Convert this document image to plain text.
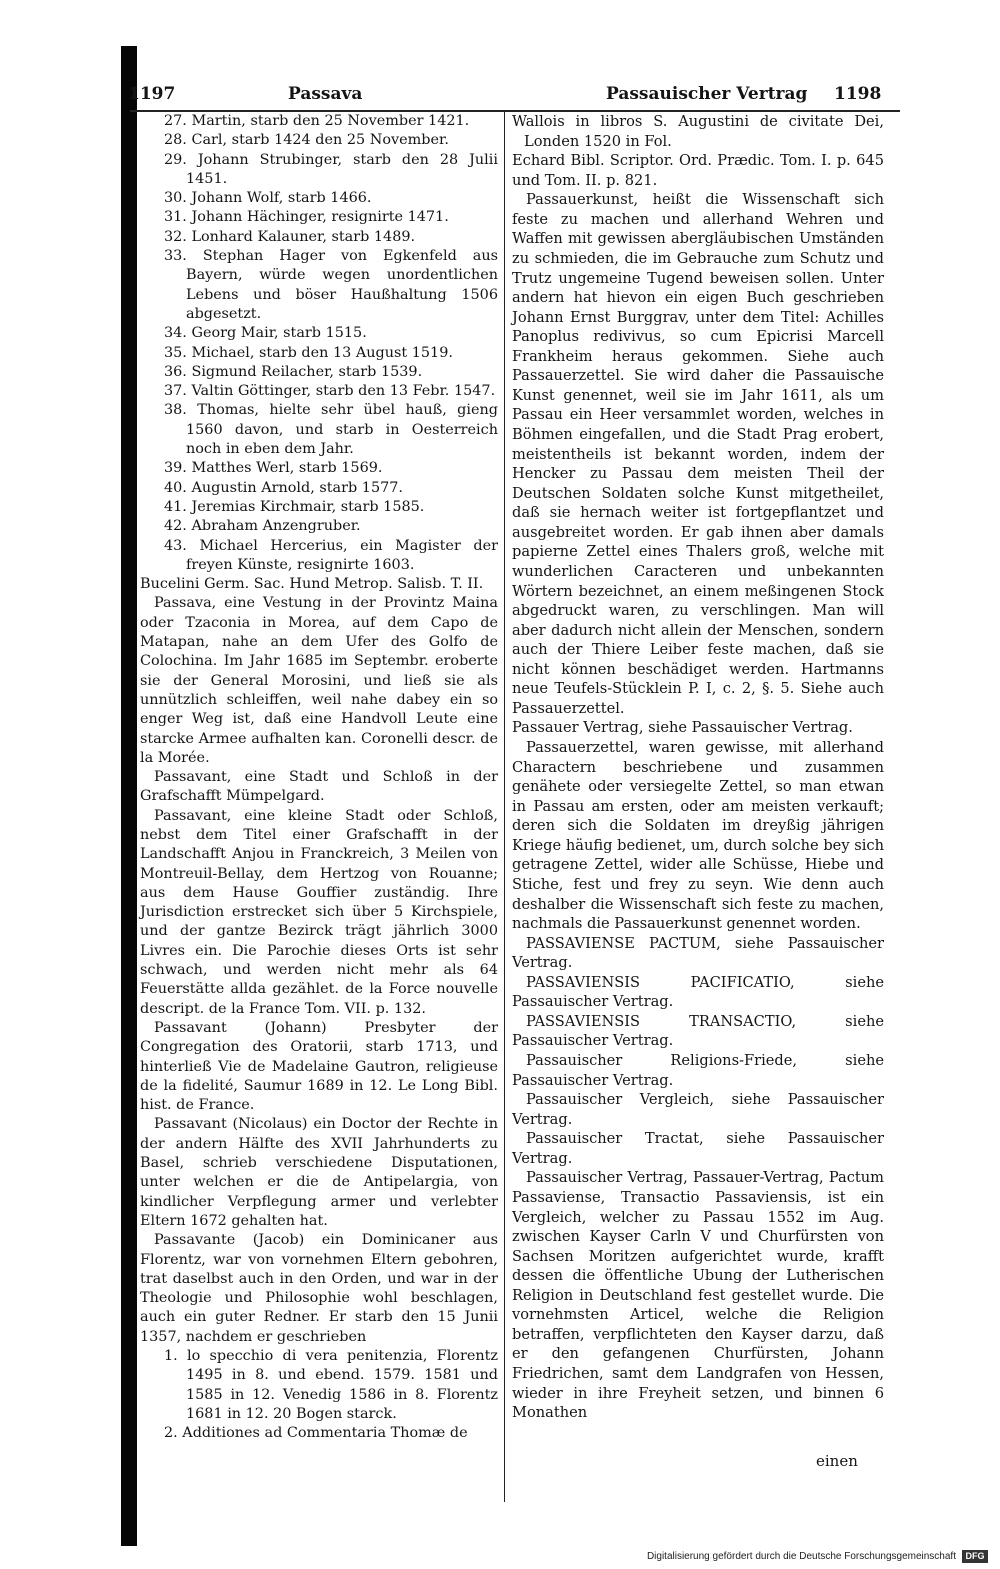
1197	Passava	Passauischer Vertrag 1198

27. Martin, starb den 25 November 1421.

28. Carl, starb 1424 den 25 November.

29. Johann Strubinger, starb den 28 Julii 1451.

30. Johann Wolf, starb 1466.

31. Johann Hächinger, resignirte 1471.

32. Lonhard Kalauner, starb 1489.

33. Stephan Hager von Egkenfeld aus Bayern, würde wegen unordentlichen Lebens und böser Haußhaltung 1506 abgesetzt.

34. Georg Mair, starb 1515.

35. Michael, starb den 13 August 1519.

36. Sigmund Reilacher, starb 1539.

37. Valtin Göttinger, starb den 13 Febr. 1547.

38. Thomas, hielte sehr übel hauß, gieng 1560 davon, und starb in Oesterreich noch in eben dem Jahr.

39. Matthes Werl, starb 1569.

40. Augustin Arnold, starb 1577.

41. Jeremias Kirchmair, starb 1585.

42. Abraham Anzengruber.

43. Michael Hercerius, ein Magister der freyen Künste, resignirte 1603.

Bucelini Germ. Sac. Hund Metrop. Salisb. T. II.

Passava, eine Vestung in der Provintz Maina oder Tzaconia in Morea, auf dem Capo de Matapan, nahe an dem Ufer des Golfo de Colochina. Im Jahr 1685 im Septembr. eroberte sie der General Morosini, und ließ sie als unnützlich schleiffen, weil nahe dabey ein so enger Weg ist, daß eine Handvoll Leute eine starcke Armee aufhalten kan. Coronelli descr. de la Morée.

Passavant, eine Stadt und Schloß in der Grafschafft Mümpelgard.

Passavant, eine kleine Stadt oder Schloß, nebst dem Titel einer Grafschafft in der Landschafft Anjou in Franckreich, 3 Meilen von Montreuil-Bellay, dem Hertzog von Rouanne; aus dem Hause Gouffier zuständig. Ihre Jurisdiction erstrecket sich über 5 Kirchspiele, und der gantze Bezirck trägt jährlich 3000 Livres ein. Die Parochie dieses Orts ist sehr schwach, und werden nicht mehr als 64 Feuerstätte allda gezählet. de la Force nouvelle descript. de la France Tom. VII. p. 132.

Passavant (Johann) Presbyter der Congregation des Oratorii, starb 1713, und hinterließ Vie de Madelaine Gautron, religieuse de la fidelité, Saumur 1689 in 12. Le Long Bibl. hist. de France.

Passavant (Nicolaus) ein Doctor der Rechte in der andern Hälfte des XVII Jahrhunderts zu Basel, schrieb verschiedene Disputationen, unter welchen er die de Antipelargia, von kindlicher Verpflegung armer und verlebter Eltern 1672 gehalten hat.

Passavante (Jacob) ein Dominicaner aus Florentz, war von vornehmen Eltern gebohren, trat daselbst auch in den Orden, und war in der Theologie und Philosophie wohl beschlagen, auch ein guter Redner. Er starb den 15 Junii 1357, nachdem er geschrieben

1. lo specchio di vera penitenzia, Florentz 1495 in 8. und ebend. 1579. 1581 und 1585 in 12. Venedig 1586 in 8. Florentz 1681 in 12. 20 Bogen starck.

2. Additiones ad Commentaria Thomæ de

Wallois in libros S. Augustini de civitate Dei, Londen 1520 in Fol.

Echard Bibl. Scriptor. Ord. Prædic. Tom. I. p. 645 und Tom. II. p. 821.

Passauerkunst, heißt die Wissenschaft sich feste zu machen und allerhand Wehren und Waffen mit gewissen abergläubischen Umständen zu schmieden, die im Gebrauche zum Schutz und Trutz ungemeine Tugend beweisen sollen. Unter andern hat hievon ein eigen Buch geschrieben Johann Ernst Burggrav, unter dem Titel: Achilles Panoplus redivivus, so cum Epicrisi Marcell Frankheim heraus gekommen. Siehe auch Passauerzettel. Sie wird daher die Passauische Kunst genennet, weil sie im Jahr 1611, als um Passau ein Heer versammlet worden, welches in Böhmen eingefallen, und die Stadt Prag erobert, meistentheils ist bekannt worden, indem der Hencker zu Passau dem meisten Theil der Deutschen Soldaten solche Kunst mitgetheilet, daß sie hernach weiter ist fortgepflantzet und ausgebreitet worden. Er gab ihnen aber damals papierne Zettel eines Thalers groß, welche mit wunderlichen Caracteren und unbekannten Wörtern bezeichnet, an einem meßingenen Stock abgedruckt waren, zu verschlingen. Man will aber dadurch nicht allein der Menschen, sondern auch der Thiere Leiber feste machen, daß sie nicht können beschädiget werden. Hartmanns neue Teufels-Stücklein P. I, c. 2, §. 5. Siehe auch Passauerzettel.

Passauer Vertrag, siehe Passauischer Vertrag.

Passauerzettel, waren gewisse, mit allerhand Charactern beschriebene und zusammen genähete oder versiegelte Zettel, so man etwan in Passau am ersten, oder am meisten verkauft; deren sich die Soldaten im dreyßig jährigen Kriege häufig bedienet, um, durch solche bey sich getragene Zettel, wider alle Schüsse, Hiebe und Stiche, fest und frey zu seyn. Wie denn auch deshalber die Wissenschaft sich feste zu machen, nachmals die Passauerkunst genennet worden.

PASSAVIENSE PACTUM, siehe Passauischer Vertrag.

PASSAVIENSIS PACIFICATIO, siehe Passauischer Vertrag.

PASSAVIENSIS TRANSACTIO, siehe Passauischer Vertrag.

Passauischer Religions-Friede, siehe Passauischer Vertrag.

Passauischer Vergleich, siehe Passauischer Vertrag.

Passauischer Tractat, siehe Passauischer Vertrag.

Passauischer Vertrag, Passauer-Vertrag, Pactum Passaviense, Transactio Passaviensis, ist ein Vergleich, welcher zu Passau 1552 im Aug. zwischen Kayser Carln V und Churfürsten von Sachsen Moritzen aufgerichtet wurde, krafft dessen die öffentliche Ubung der Lutherischen Religion in Deutschland fest gestellet wurde. Die vornehmsten Articel, welche die Religion betraffen, verpflichteten den Kayser darzu, daß er den gefangenen Churfürsten, Johann Friedrichen, samt dem Landgrafen von Hessen, wieder in ihre Freyheit setzen, und binnen 6 Monathen

einen
Digitalisierung gefördert durch die Deutsche Forschungsgemeinschaft	DFG
